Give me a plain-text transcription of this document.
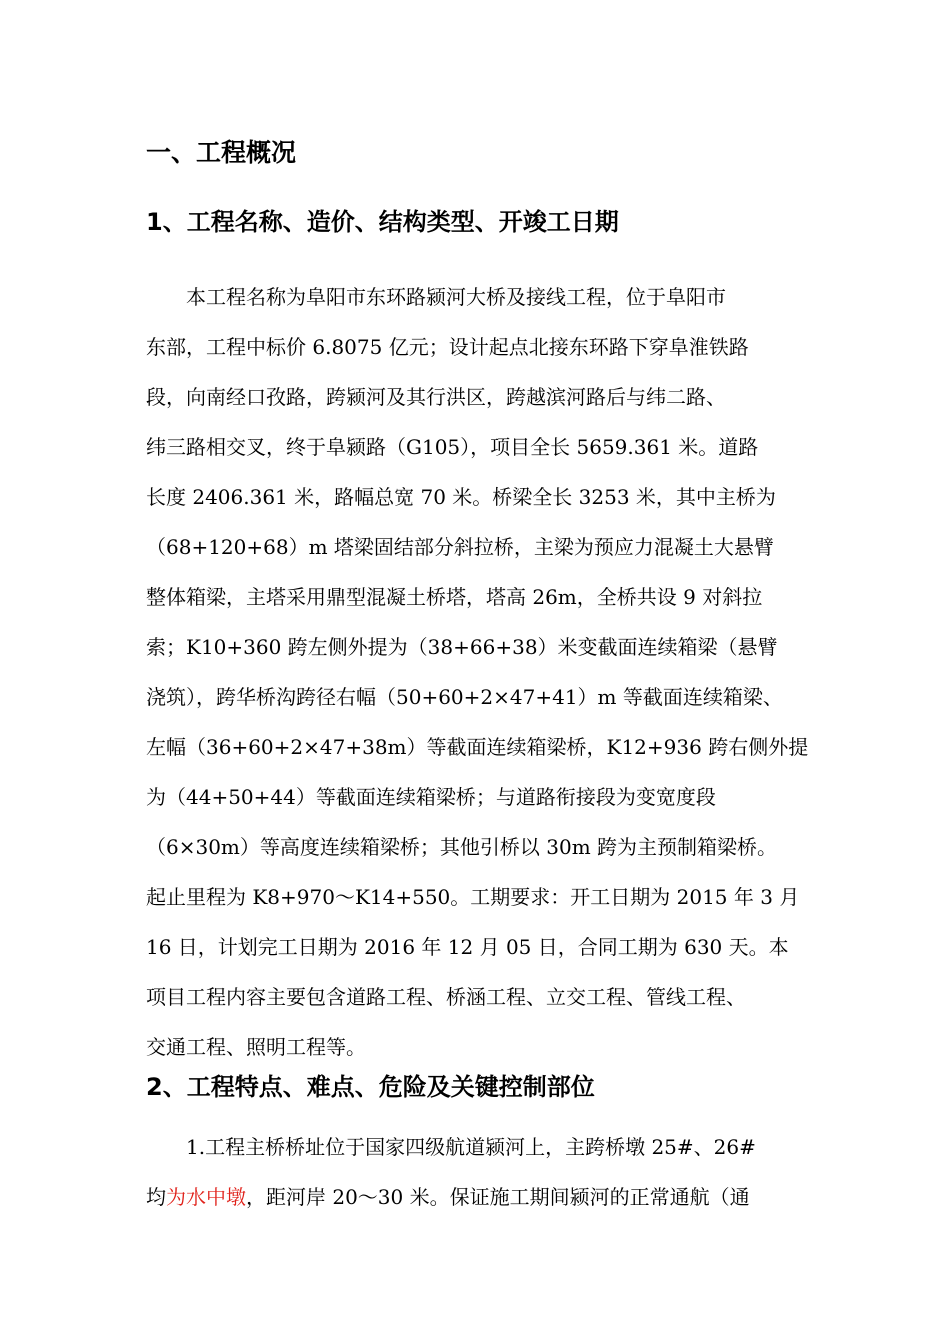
一、工程概况
1、工程名称、造价、结构类型、开竣工日期
本工程名称为阜阳市东环路颍河大桥及接线工程，位于阜阳市
东部，工程中标价 6.8075 亿元；设计起点北接东环路下穿阜淮铁路
段，向南经口孜路，跨颍河及其行洪区，跨越滨河路后与纬二路、
纬三路相交叉，终于阜颍路（G105），项目全长 5659.361 米。道路
长度 2406.361 米，路幅总宽 70 米。桥梁全长 3253 米，其中主桥为
（68+120+68）m 塔梁固结部分斜拉桥，主梁为预应力混凝土大悬臂
整体箱梁，主塔采用鼎型混凝土桥塔，塔高 26m，全桥共设 9 对斜拉
索；K10+360 跨左侧外提为（38+66+38）米变截面连续箱梁（悬臂
浇筑），跨华桥沟跨径右幅（50+60+2×47+41）m 等截面连续箱梁、
左幅（36+60+2×47+38m）等截面连续箱梁桥，K12+936 跨右侧外提
为（44+50+44）等截面连续箱梁桥；与道路衔接段为变宽度段
（6×30m）等高度连续箱梁桥；其他引桥以 30m 跨为主预制箱梁桥。
起止里程为 K8+970～K14+550。工期要求：开工日期为 2015 年 3 月
16 日，计划完工日期为 2016 年 12 月 05 日，合同工期为 630 天。本
项目工程内容主要包含道路工程、桥涵工程、立交工程、管线工程、
交通工程、照明工程等。
2、工程特点、难点、危险及关键控制部位
1.工程主桥桥址位于国家四级航道颍河上，主跨桥墩 25#、26#
均为水中墩，距河岸 20～30 米。保证施工期间颍河的正常通航（通
